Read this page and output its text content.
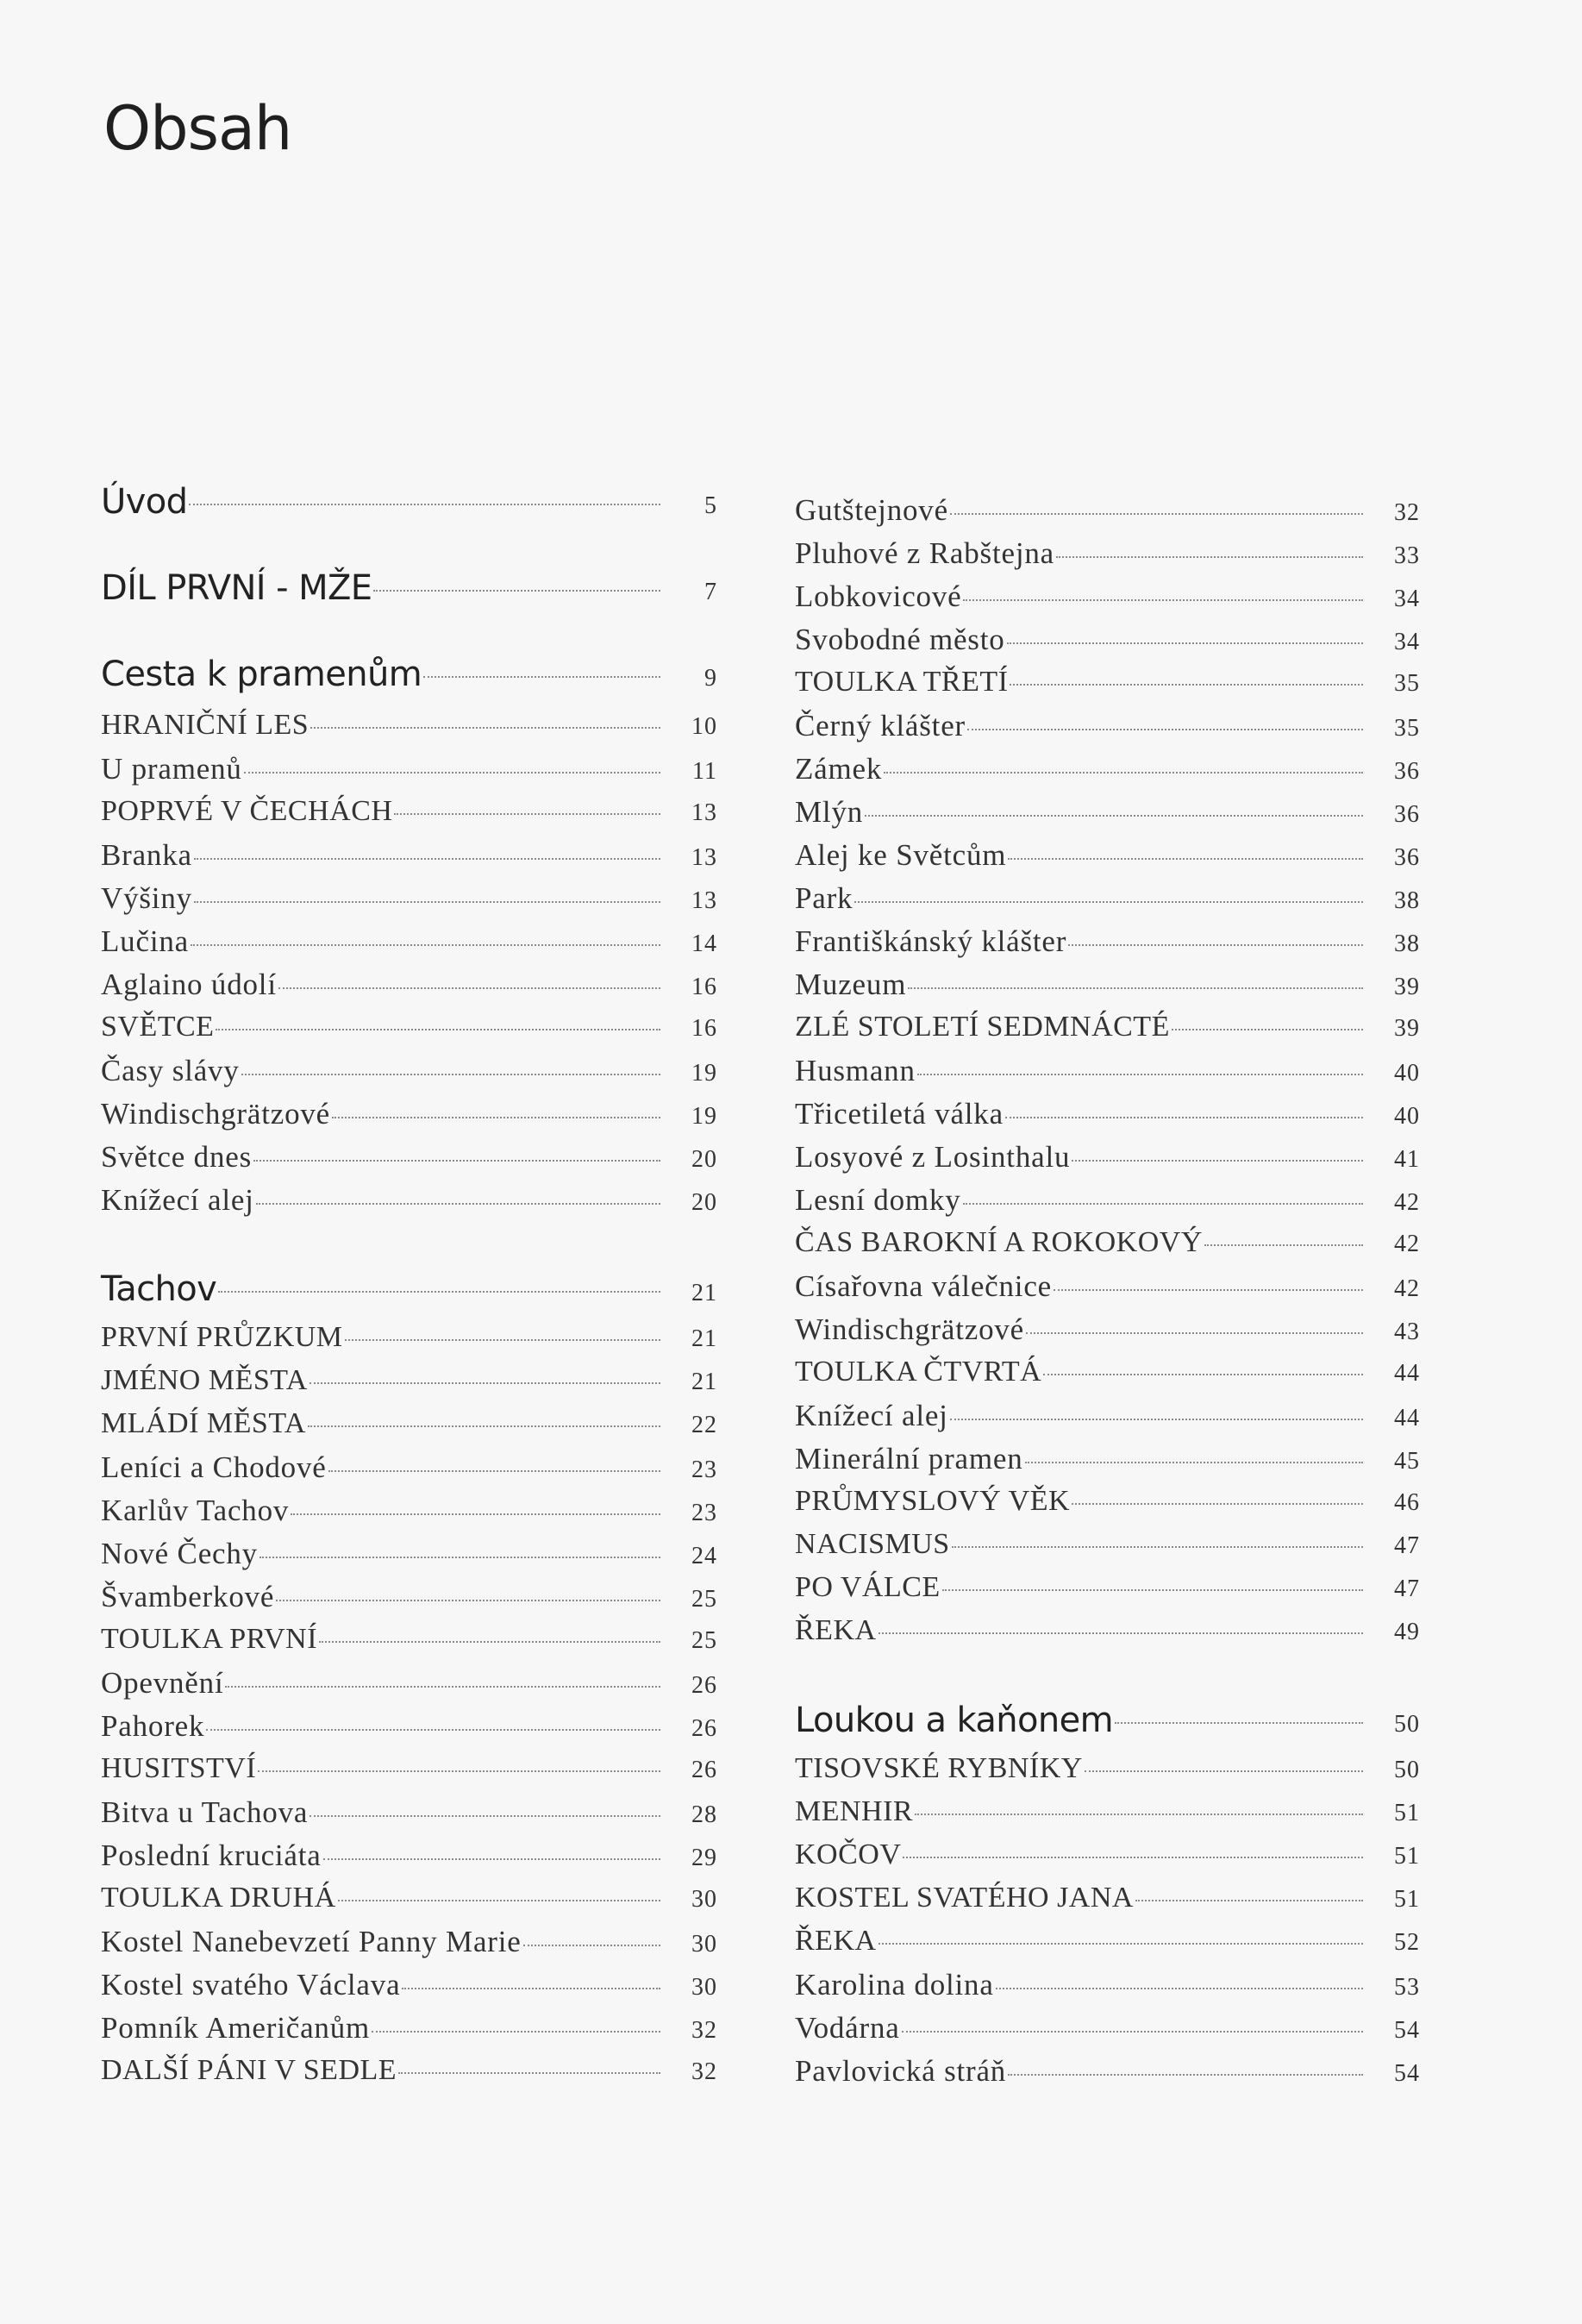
Obsah
Úvod	5
DÍL PRVNÍ - MŽE	7
Cesta k pramenům	9
HRANIČNÍ LES	10
U pramenů	11
POPRVÉ V ČECHÁCH	13
Branka	13
Výšiny	13
Lučina	14
Aglaino údolí	16
SVĚTCE	16
Časy slávy	19
Windischgrätzové	19
Světce dnes	20
Knížecí alej	20
Tachov	21
PRVNÍ PRŮZKUM	21
JMÉNO MĚSTA	21
MLÁDÍ MĚSTA	22
Leníci a Chodové	23
Karlův Tachov	23
Nové Čechy	24
Švamberkové	25
TOULKA PRVNÍ	25
Opevnění	26
Pahorek	26
HUSITSTVÍ	26
Bitva u Tachova	28
Poslední kruciáta	29
TOULKA DRUHÁ	30
Kostel Nanebevzetí Panny Marie	30
Kostel svatého Václava	30
Pomník Američanům	32
DALŠÍ PÁNI V SEDLE	32
Gutštejnové	32
Pluhové z Rabštejna	33
Lobkovicové	34
Svobodné město	34
TOULKA TŘETÍ	35
Černý klášter	35
Zámek	36
Mlýn	36
Alej ke Světcům	36
Park	38
Františkánský klášter	38
Muzeum	39
ZLÉ STOLETÍ SEDMNÁCTÉ	39
Husmann	40
Třicetiletá válka	40
Losyové z Losinthalu	41
Lesní domky	42
ČAS BAROKNÍ A ROKOKOVÝ	42
Císařovna válečnice	42
Windischgrätzové	43
TOULKA ČTVRTÁ	44
Knížecí alej	44
Minerální pramen	45
PRŮMYSLOVÝ VĚK	46
NACISMUS	47
PO VÁLCE	47
ŘEKA	49
Loukou a kaňonem	50
TISOVSKÉ RYBNÍKY	50
MENHIR	51
KOČOV	51
KOSTEL SVATÉHO JANA	51
ŘEKA	52
Karolina dolina	53
Vodárna	54
Pavlovická stráň	54
